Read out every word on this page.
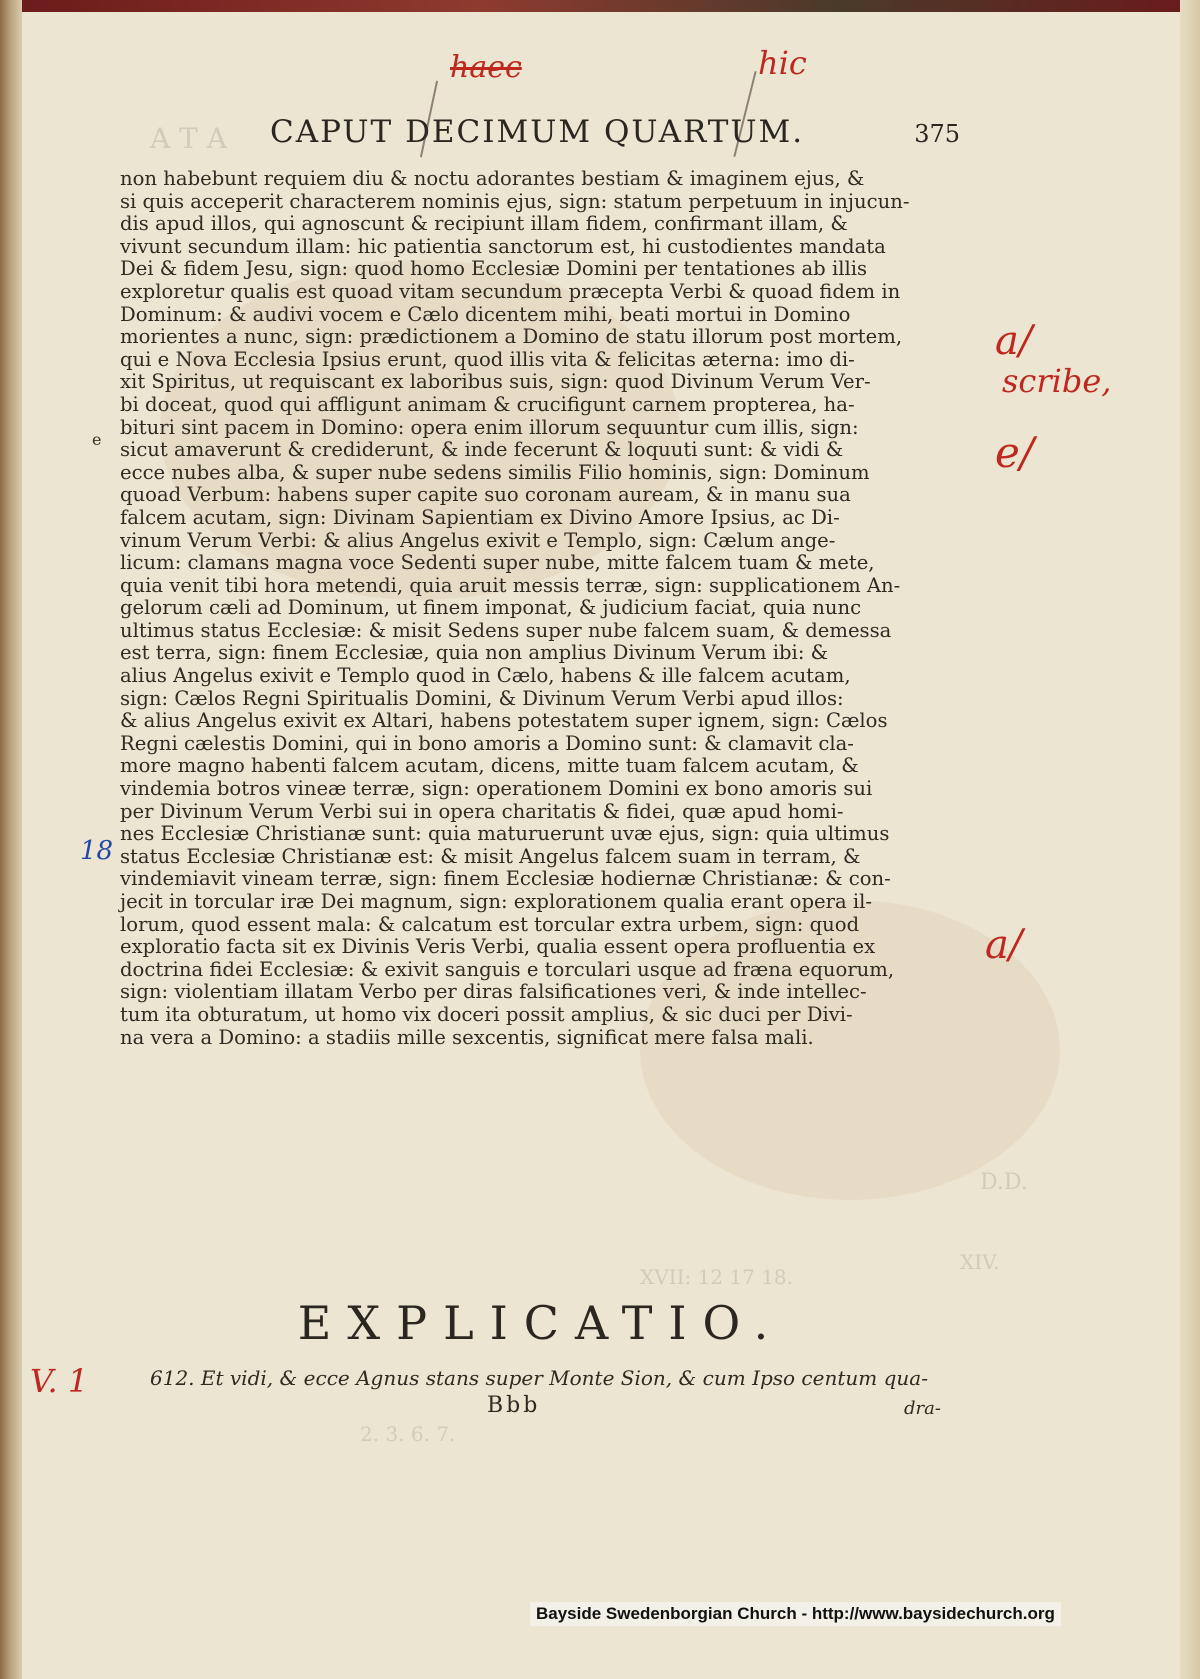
A T A
D.D.
XIV.
XVII: 12 17 18.
2. 3. 6. 7.
CAPUT DECIMUM QUARTUM.	375

non habebunt requiem diu & noctu adorantes bestiam & imaginem ejus, &

si quis acceperit characterem nominis ejus, sign: statum perpetuum in injucun-

dis apud illos, qui agnoscunt & recipiunt illam fidem, confirmant illam, &

vivunt secundum illam: hic patientia sanctorum est, hi custodientes mandata

Dei & fidem Jesu, sign: quod homo Ecclesiæ Domini per tentationes ab illis

exploretur qualis est quoad vitam secundum præcepta Verbi & quoad fidem in

Dominum: & audivi vocem e Cælo dicentem mihi, beati mortui in Domino

morientes a nunc, sign: prædictionem a Domino de statu illorum post mortem,

qui e Nova Ecclesia Ipsius erunt, quod illis vita & felicitas æterna: imo di-

xit Spiritus, ut requiscant ex laboribus suis, sign: quod Divinum Verum Ver-

bi doceat, quod qui affligunt animam & crucifigunt carnem propterea, ha-

bituri sint pacem in Domino: opera enim illorum sequuntur cum illis, sign:

sicut amaverunt & crediderunt, & inde fecerunt & loquuti sunt: & vidi &

ecce nubes alba, & super nube sedens similis Filio hominis, sign: Dominum

quoad Verbum: habens super capite suo coronam auream, & in manu sua

falcem acutam, sign: Divinam Sapientiam ex Divino Amore Ipsius, ac Di-

vinum Verum Verbi: & alius Angelus exivit e Templo, sign: Cælum ange-

licum: clamans magna voce Sedenti super nube, mitte falcem tuam & mete,

quia venit tibi hora metendi, quia aruit messis terræ, sign: supplicationem An-

gelorum cæli ad Dominum, ut finem imponat, & judicium faciat, quia nunc

ultimus status Ecclesiæ: & misit Sedens super nube falcem suam, & demessa

est terra, sign: finem Ecclesiæ, quia non amplius Divinum Verum ibi: &

alius Angelus exivit e Templo quod in Cælo, habens & ille falcem acutam,

sign: Cælos Regni Spiritualis Domini, & Divinum Verum Verbi apud illos:

& alius Angelus exivit ex Altari, habens potestatem super ignem, sign: Cælos

Regni cælestis Domini, qui in bono amoris a Domino sunt: & clamavit cla-

more magno habenti falcem acutam, dicens, mitte tuam falcem acutam, &

vindemia botros vineæ terræ, sign: operationem Domini ex bono amoris sui

per Divinum Verum Verbi sui in opera charitatis & fidei, quæ apud homi-

nes Ecclesiæ Christianæ sunt: quia maturuerunt uvæ ejus, sign: quia ultimus

status Ecclesiæ Christianæ est: & misit Angelus falcem suam in terram, &

vindemiavit vineam terræ, sign: finem Ecclesiæ hodiernæ Christianæ: & con-

jecit in torcular iræ Dei magnum, sign: explorationem qualia erant opera il-

lorum, quod essent mala: & calcatum est torcular extra urbem, sign: quod

exploratio facta sit ex Divinis Veris Verbi, qualia essent opera profluentia ex

doctrina fidei Ecclesiæ: & exivit sanguis e torculari usque ad fræna equorum,

sign: violentiam illatam Verbo per diras falsificationes veri, & inde intellec-

tum ita obturatum, ut homo vix doceri possit amplius, & sic duci per Divi-

na vera a Domino: a stadiis mille sexcentis, significat mere falsa mali.

EXPLICATIO.
612. Et vidi, & ecce Agnus stans super Monte Sion, & cum Ipso centum qua-
Bbb	dra-
haec	hic
a/
scribe,
e/
18
a/
V. 1
e
Bayside Swedenborgian Church - http://www.baysidechurch.org
